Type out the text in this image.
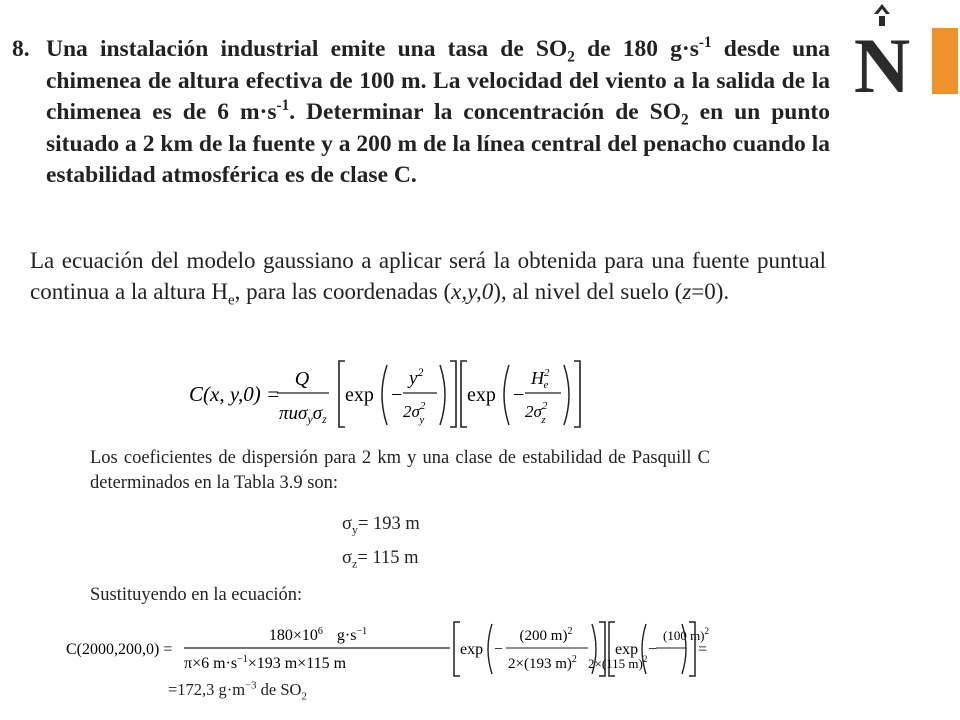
8. Una instalación industrial emite una tasa de $SO_2$ de 180 $g\cdot s^{-1}$ desde una chimenea de altura efectiva de 100 m. La velocidad del viento a la salida de la chimenea es de 6 $m\cdot s^{-1}$. Determinar la concentración de $SO_2$ en un punto situado a 2 km de la fuente y a 200 m de la línea central del penacho cuando la estabilidad atmosférica es de clase C.
N
La ecuación del modelo gaussiano a aplicar será la obtenida para una fuente puntual continua a la altura $H_e$, para las coordenadas (x,y,0), al nivel del suelo (z=0).
C(x, y,0) =
Q
$\pi u\sigma_y\sigma_z$
exp −
$y^2$
$2\sigma^2$ y
exp −
$H^2$ e
$2\sigma^2$ z
Los coeficientes de dispersión para 2 km y una clase de estabilidad de Pasquill C determinados en la Tabla 3.9 son:
$\sigma_y= 193$ m
$\sigma_z= 115$ m
Sustituyendo en la ecuación:
C(2000,200,0) =
$180\times 10^6$ $g\cdot s^{-1}$
π×6 $m\cdot s^{-1}\times 193$ m×115 m
exp −
(200 m)$^2$
2×(193 m)$^2$
exp −
(100 m)$^2$
2×(115 m)$^2$
=
=172,3 $g\cdot m^{-3}$ de $SO_2$
